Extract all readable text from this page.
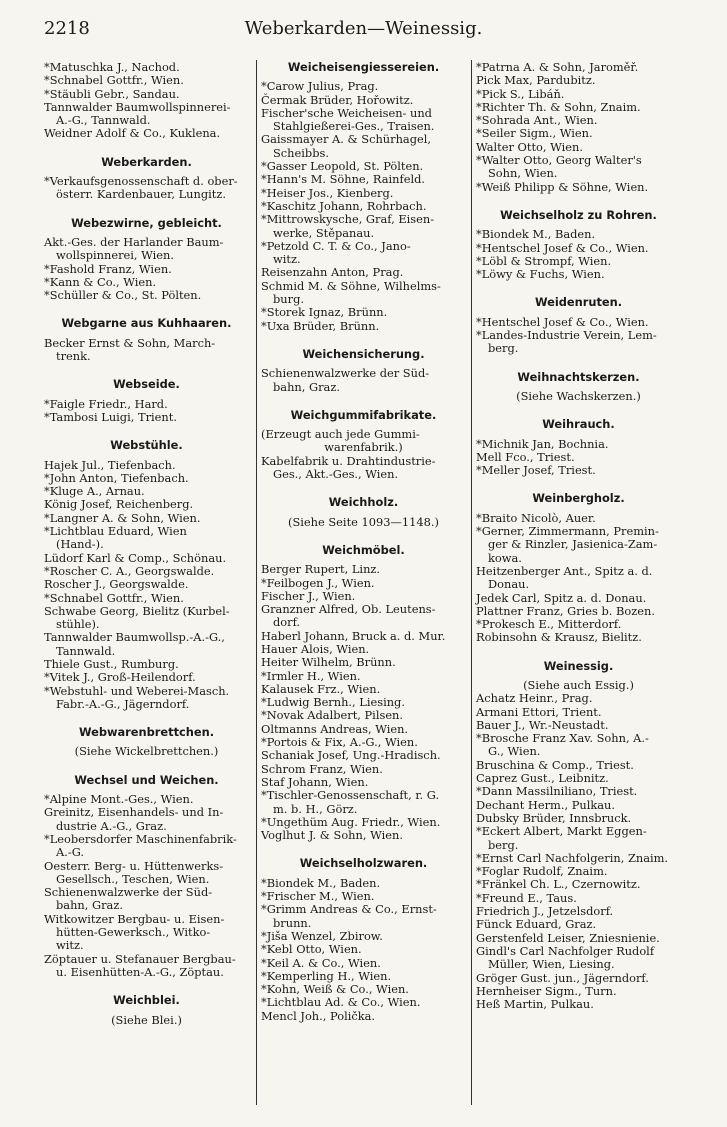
2218	Weberkarden—Weinessig.
*Matuschka J., Nachod.
*Schnabel Gottfr., Wien.
*Stäubli Gebr., Sandau.
Tannwalder Baumwollspinnerei-
A.-G., Tannwald.
Weidner Adolf & Co., Kuklena.
Weberkarden.
*Verkaufsgenossenschaft d. ober-
österr. Kardenbauer, Lungitz.
Webezwirne, gebleicht.
Akt.-Ges. der Harlander Baum-
wollspinnerei, Wien.
*Fashold Franz, Wien.
*Kann & Co., Wien.
*Schüller & Co., St. Pölten.
Webgarne aus Kuhhaaren.
Becker Ernst & Sohn, March-
trenk.
Webseide.
*Faigle Friedr., Hard.
*Tambosi Luigi, Trient.
Webstühle.
Hajek Jul., Tiefenbach.
*John Anton, Tiefenbach.
*Kluge A., Arnau.
König Josef, Reichenberg.
*Langner A. & Sohn, Wien.
*Lichtblau Eduard, Wien
(Hand-).
Lüdorf Karl & Comp., Schönau.
*Roscher C. A., Georgswalde.
Roscher J., Georgswalde.
*Schnabel Gottfr., Wien.
Schwabe Georg, Bielitz (Kurbel-
stühle).
Tannwalder Baumwollsp.-A.-G.,
Tannwald.
Thiele Gust., Rumburg.
*Vitek J., Groß-Heilendorf.
*Webstuhl- und Weberei-Masch.
Fabr.-A.-G., Jägerndorf.
Webwarenbrettchen.
(Siehe Wickelbrettchen.)
Wechsel und Weichen.
*Alpine Mont.-Ges., Wien.
Greinitz, Eisenhandels- und In-
dustrie A.-G., Graz.
*Leobersdorfer Maschinenfabrik-
A.-G.
Oesterr. Berg- u. Hüttenwerks-
Gesellsch., Teschen, Wien.
Schienenwalzwerke der Süd-
bahn, Graz.
Witkowitzer Bergbau- u. Eisen-
hütten-Gewerksch., Witko-
witz.
Zöptauer u. Stefanauer Bergbau-
u. Eisenhütten-A.-G., Zöptau.
Weichblei.
(Siehe Blei.)
Weicheisengiessereien.
*Carow Julius, Prag.
Čermak Brüder, Hořowitz.
Fischer'sche Weicheisen- und
Stahlgießerei-Ges., Traisen.
Gaissmayer A. & Schürhagel,
Scheibbs.
*Gasser Leopold, St. Pölten.
*Hann's M. Söhne, Rainfeld.
*Heiser Jos., Kienberg.
*Kaschitz Johann, Rohrbach.
*Mittrowskysche, Graf, Eisen-
werke, Stěpanau.
*Petzold C. T. & Co., Jano-
witz.
Reisenzahn Anton, Prag.
Schmid M. & Söhne, Wilhelms-
burg.
*Storek Ignaz, Brünn.
*Uxa Brüder, Brünn.
Weichensicherung.
Schienenwalzwerke der Süd-
bahn, Graz.
Weichgummifabrikate.
(Erzeugt auch jede Gummi-
warenfabrik.)
Kabelfabrik u. Drahtindustrie-
Ges., Akt.-Ges., Wien.
Weichholz.
(Siehe Seite 1093—1148.)
Weichmöbel.
Berger Rupert, Linz.
*Feilbogen J., Wien.
Fischer J., Wien.
Granzner Alfred, Ob. Leutens-
dorf.
Haberl Johann, Bruck a. d. Mur.
Hauer Alois, Wien.
Heiter Wilhelm, Brünn.
*Irmler H., Wien.
Kalausek Frz., Wien.
*Ludwig Bernh., Liesing.
*Novak Adalbert, Pilsen.
Oltmanns Andreas, Wien.
*Portois & Fix, A.-G., Wien.
Schaniak Josef, Ung.-Hradisch.
Schrom Franz, Wien.
Staf Johann, Wien.
*Tischler-Genossenschaft, r. G.
m. b. H., Görz.
*Ungethüm Aug. Friedr., Wien.
Voglhut J. & Sohn, Wien.
Weichselholzwaren.
*Biondek M., Baden.
*Frischer M., Wien.
*Grimm Andreas & Co., Ernst-
brunn.
*Jiša Wenzel, Zbirow.
*Kebl Otto, Wien.
*Keil A. & Co., Wien.
*Kemperling H., Wien.
*Kohn, Weiß & Co., Wien.
*Lichtblau Ad. & Co., Wien.
Mencl Joh., Polička.
*Patrna A. & Sohn, Jaroměř.
Pick Max, Pardubitz.
*Pick S., Libáň.
*Richter Th. & Sohn, Znaim.
*Sohrada Ant., Wien.
*Seiler Sigm., Wien.
Walter Otto, Wien.
*Walter Otto, Georg Walter's
Sohn, Wien.
*Weiß Philipp & Söhne, Wien.
Weichselholz zu Rohren.
*Biondek M., Baden.
*Hentschel Josef & Co., Wien.
*Löbl & Strompf, Wien.
*Löwy & Fuchs, Wien.
Weidenruten.
*Hentschel Josef & Co., Wien.
*Landes-Industrie Verein, Lem-
berg.
Weihnachtskerzen.
(Siehe Wachskerzen.)
Weihrauch.
*Michnik Jan, Bochnia.
Mell Fco., Triest.
*Meller Josef, Triest.
Weinbergholz.
*Braito Nicolò, Auer.
*Gerner, Zimmermann, Premin-
ger & Rinzler, Jasienica-Zam-
kowa.
Heitzenberger Ant., Spitz a. d.
Donau.
Jedek Carl, Spitz a. d. Donau.
Plattner Franz, Gries b. Bozen.
*Prokesch E., Mitterdorf.
Robinsohn & Krausz, Bielitz.
Weinessig.
(Siehe auch Essig.)
Achatz Heinr., Prag.
Armani Ettori, Trient.
Bauer J., Wr.-Neustadt.
*Brosche Franz Xav. Sohn, A.-
G., Wien.
Bruschina & Comp., Triest.
Caprez Gust., Leibnitz.
*Dann Massilniliano, Triest.
Dechant Herm., Pulkau.
Dubsky Brüder, Innsbruck.
*Eckert Albert, Markt Eggen-
berg.
*Ernst Carl Nachfolgerin, Znaim.
*Foglar Rudolf, Znaim.
*Fränkel Ch. L., Czernowitz.
*Freund E., Taus.
Friedrich J., Jetzelsdorf.
Fünck Eduard, Graz.
Gerstenfeld Leiser, Zniesnienie.
Gindl's Carl Nachfolger Rudolf
Müller, Wien, Liesing.
Gröger Gust. jun., Jägerndorf.
Hernheiser Sigm., Turn.
Heß Martin, Pulkau.
